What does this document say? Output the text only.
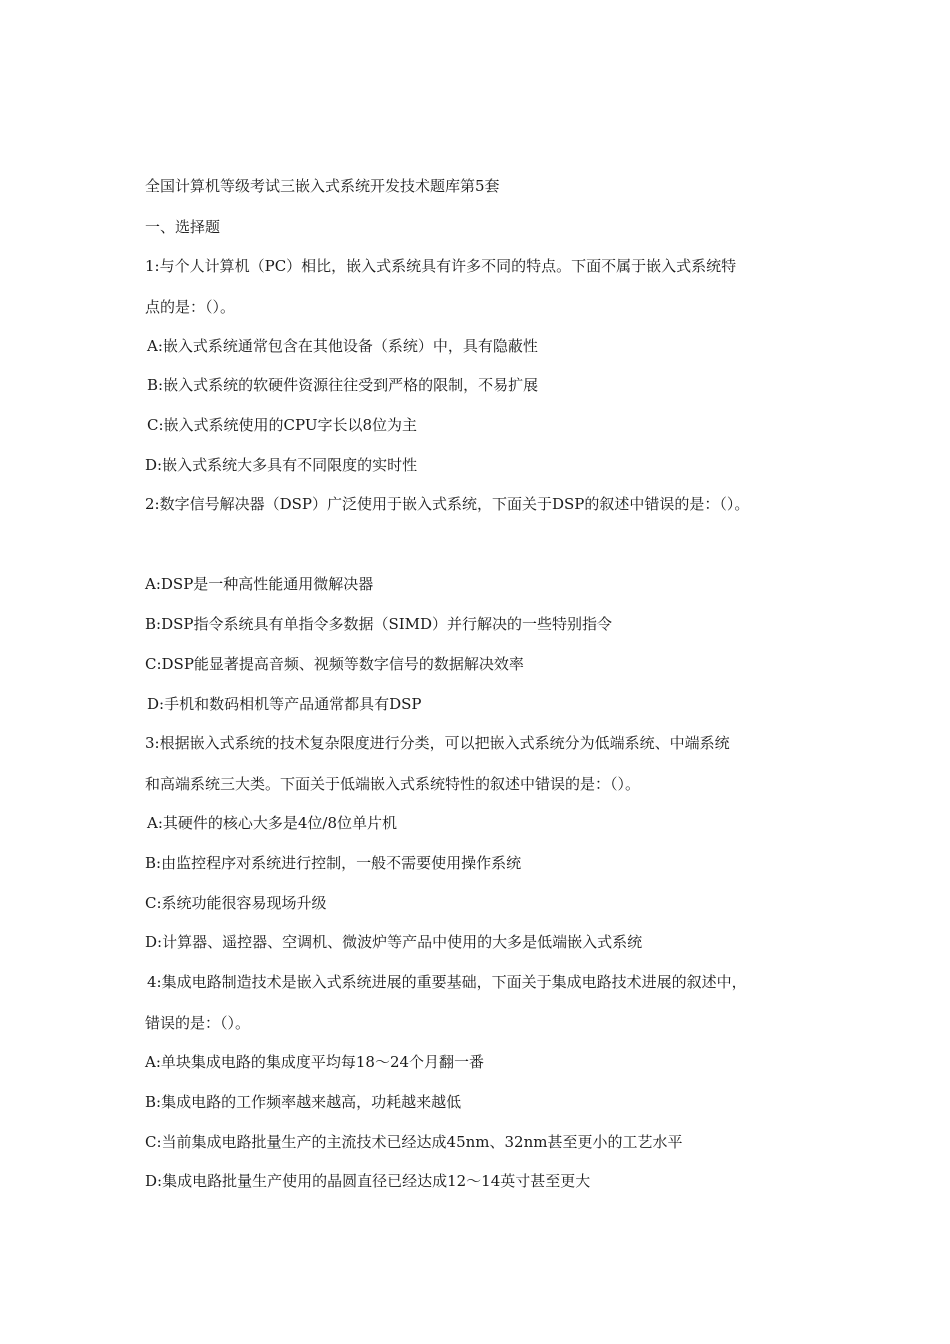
全国计算机等级考试三嵌入式系统开发技术题库第5套
一、选择题
1:与个人计算机（PC）相比，嵌入式系统具有许多不同的特点。下面不属于嵌入式系统特
点的是：（）。
A:嵌入式系统通常包含在其他设备（系统）中，具有隐蔽性
B:嵌入式系统的软硬件资源往往受到严格的限制，不易扩展
C:嵌入式系统使用的CPU字长以8位为主
D:嵌入式系统大多具有不同限度的实时性
2:数字信号解决器（DSP）广泛使用于嵌入式系统，下面关于DSP的叙述中错误的是：（）。
A:DSP是一种高性能通用微解决器
B:DSP指令系统具有单指令多数据（SIMD）并行解决的一些特别指令
C:DSP能显著提高音频、视频等数字信号的数据解决效率
D:手机和数码相机等产品通常都具有DSP
3:根据嵌入式系统的技术复杂限度进行分类，可以把嵌入式系统分为低端系统、中端系统
和高端系统三大类。下面关于低端嵌入式系统特性的叙述中错误的是：（）。
A:其硬件的核心大多是4位/8位单片机
B:由监控程序对系统进行控制，一般不需要使用操作系统
C:系统功能很容易现场升级
D:计算器、遥控器、空调机、微波炉等产品中使用的大多是低端嵌入式系统
4:集成电路制造技术是嵌入式系统进展的重要基础，下面关于集成电路技术进展的叙述中，
错误的是：（）。
A:单块集成电路的集成度平均每18～24个月翻一番
B:集成电路的工作频率越来越高，功耗越来越低
C:当前集成电路批量生产的主流技术已经达成45nm、32nm甚至更小的工艺水平
D:集成电路批量生产使用的晶圆直径已经达成12～14英寸甚至更大
